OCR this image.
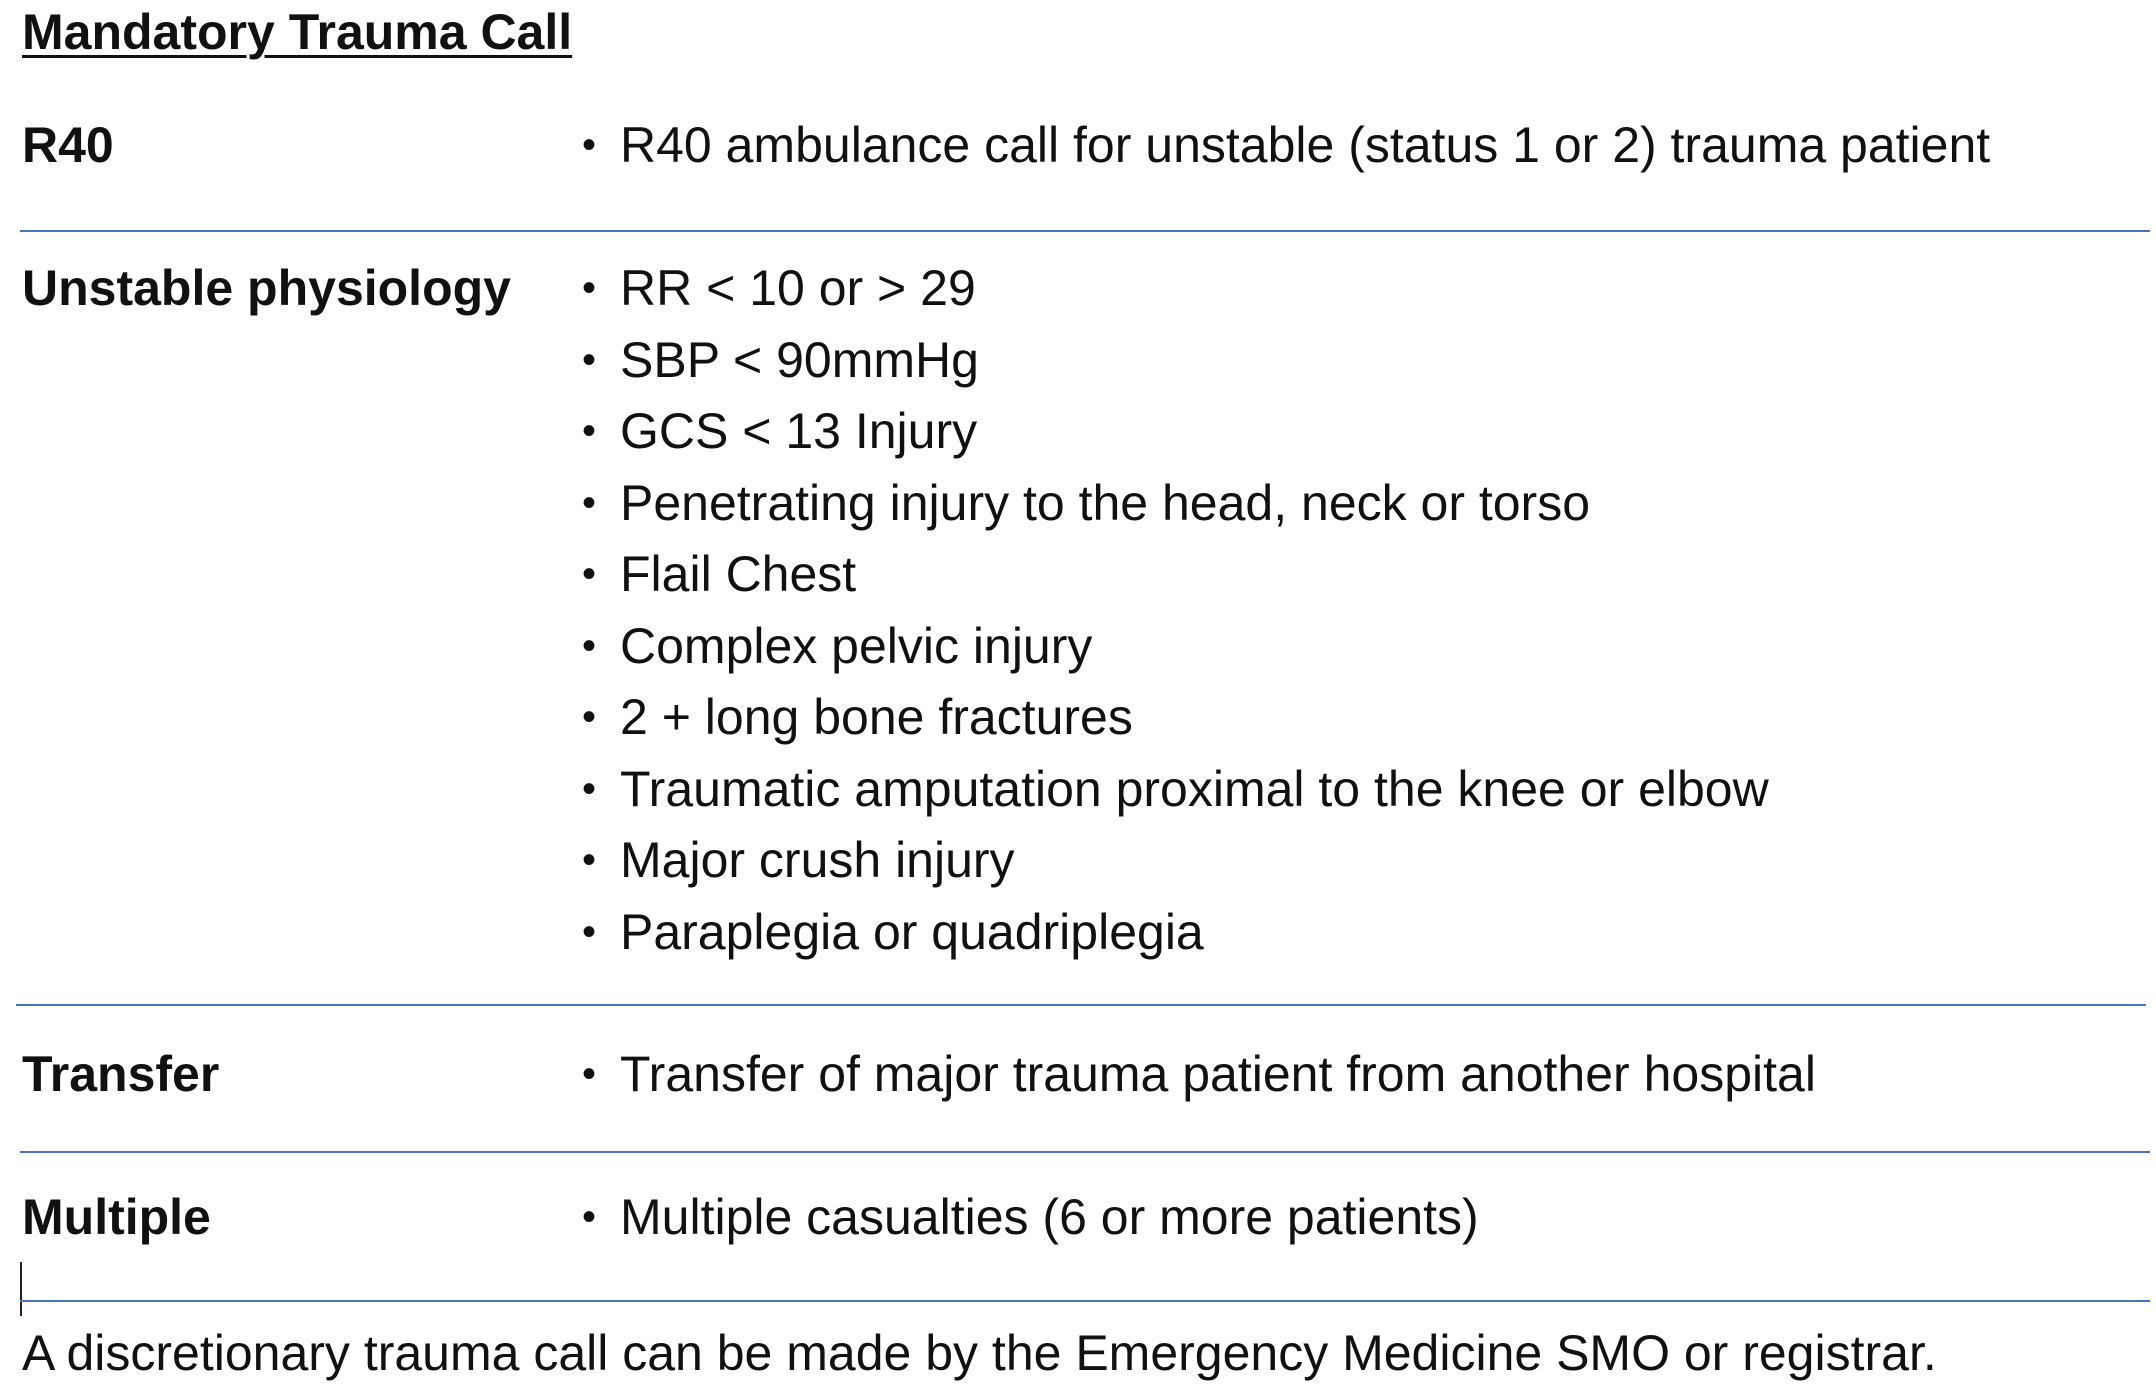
Mandatory Trauma Call
R40	• R40 ambulance call for unstable (status 1 or 2) trauma patient
Unstable physiology • RR < 10 or > 29
• SBP < 90mmHg
• GCS < 13 Injury
• Penetrating injury to the head, neck or torso
• Flail Chest
• Complex pelvic injury
• 2 + long bone fractures
• Traumatic amputation proximal to the knee or elbow
• Major crush injury
• Paraplegia or quadriplegia
Transfer	• Transfer of major trauma patient from another hospital
Multiple	• Multiple casualties (6 or more patients)
A discretionary trauma call can be made by the Emergency Medicine SMO or registrar.
